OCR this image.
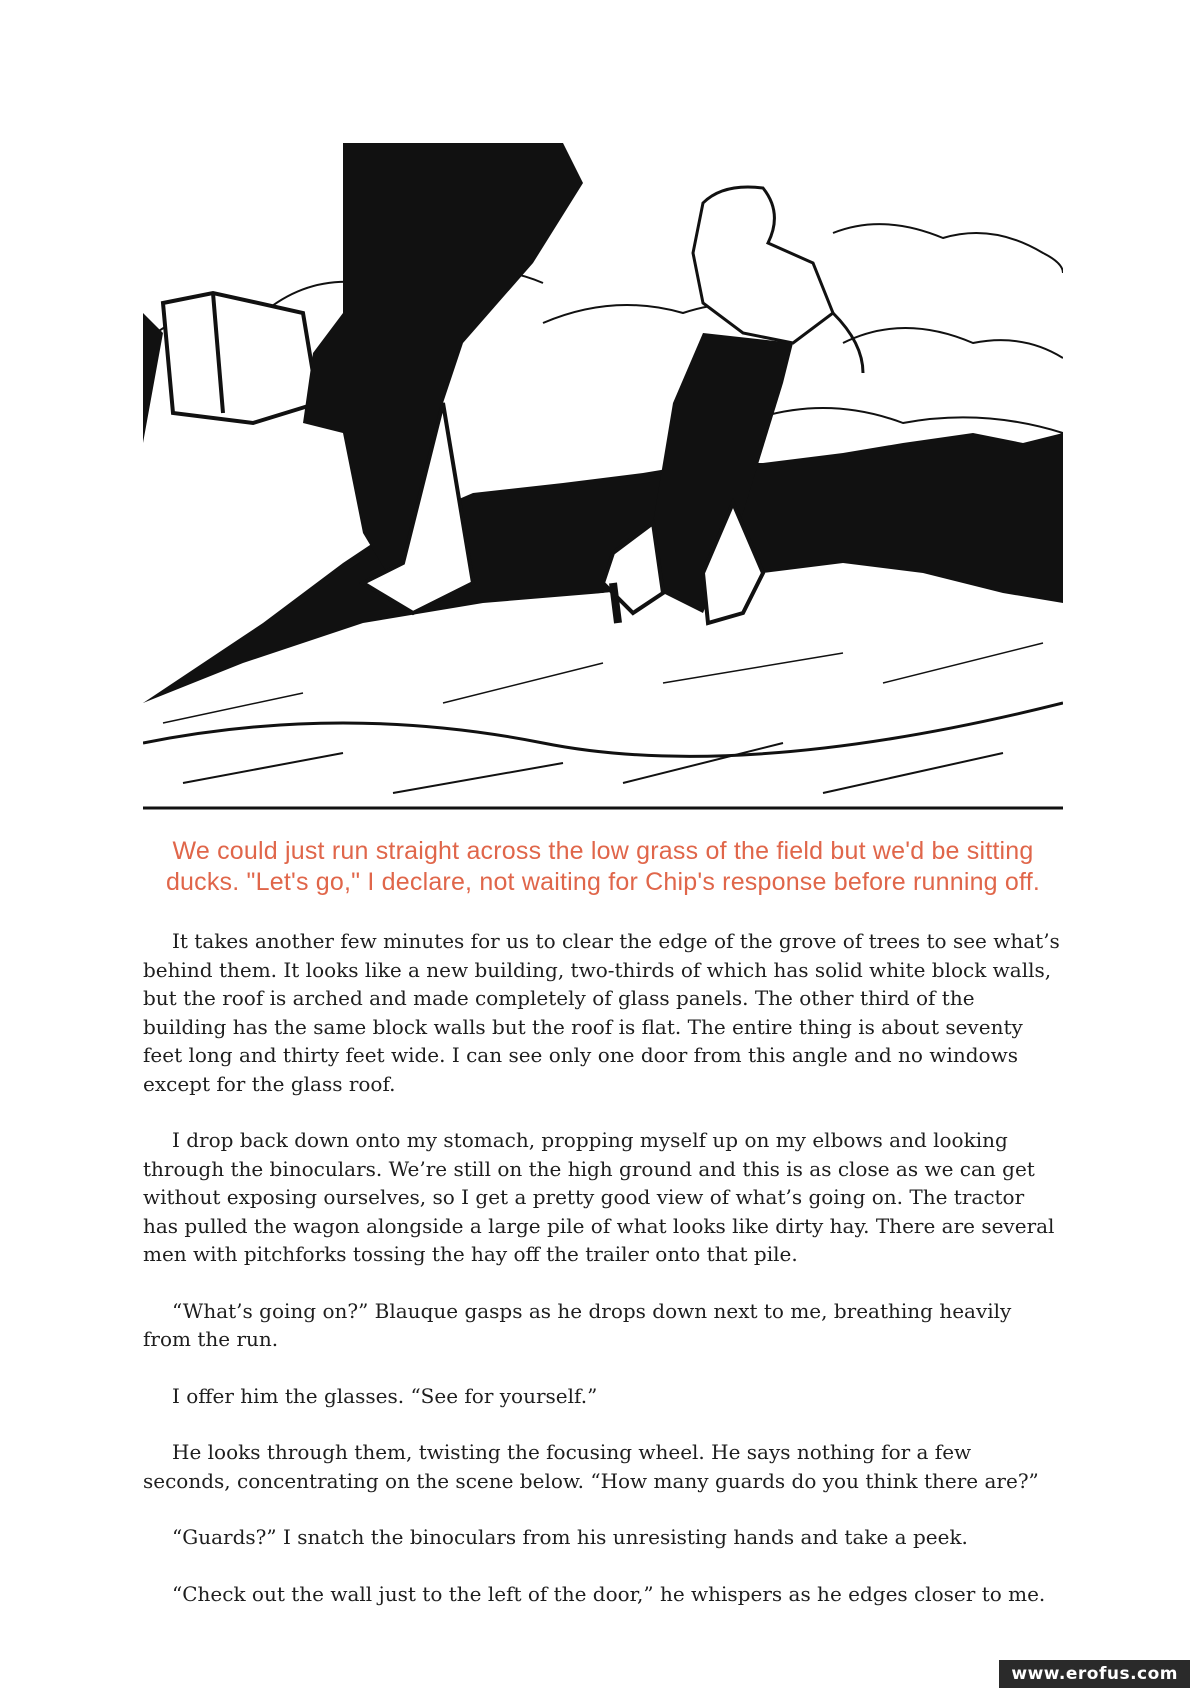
We could just run straight across the low grass of the field but we'd be sitting
ducks. "Let's go," I declare, not waiting for Chip's response before running off.

It takes another few minutes for us to clear the edge of the grove of trees to see what’s behind them. It looks like a new building, two-thirds of which has solid white block walls, but the roof is arched and made completely of glass panels. The other third of the building has the same block walls but the roof is flat. The entire thing is about seventy feet long and thirty feet wide. I can see only one door from this angle and no windows except for the glass roof.

I drop back down onto my stomach, propping myself up on my elbows and looking through the binoculars. We’re still on the high ground and this is as close as we can get without exposing ourselves, so I get a pretty good view of what’s going on. The tractor has pulled the wagon alongside a large pile of what looks like dirty hay. There are several men with pitchforks tossing the hay off the trailer onto that pile.

“What’s going on?” Blauque gasps as he drops down next to me, breathing heavily from the run.

I offer him the glasses. “See for yourself.”

He looks through them, twisting the focusing wheel. He says nothing for a few seconds, concentrating on the scene below. “How many guards do you think there are?”

“Guards?” I snatch the binoculars from his unresisting hands and take a peek.

“Check out the wall just to the left of the door,” he whispers as he edges closer to me.

www.erofus.com
